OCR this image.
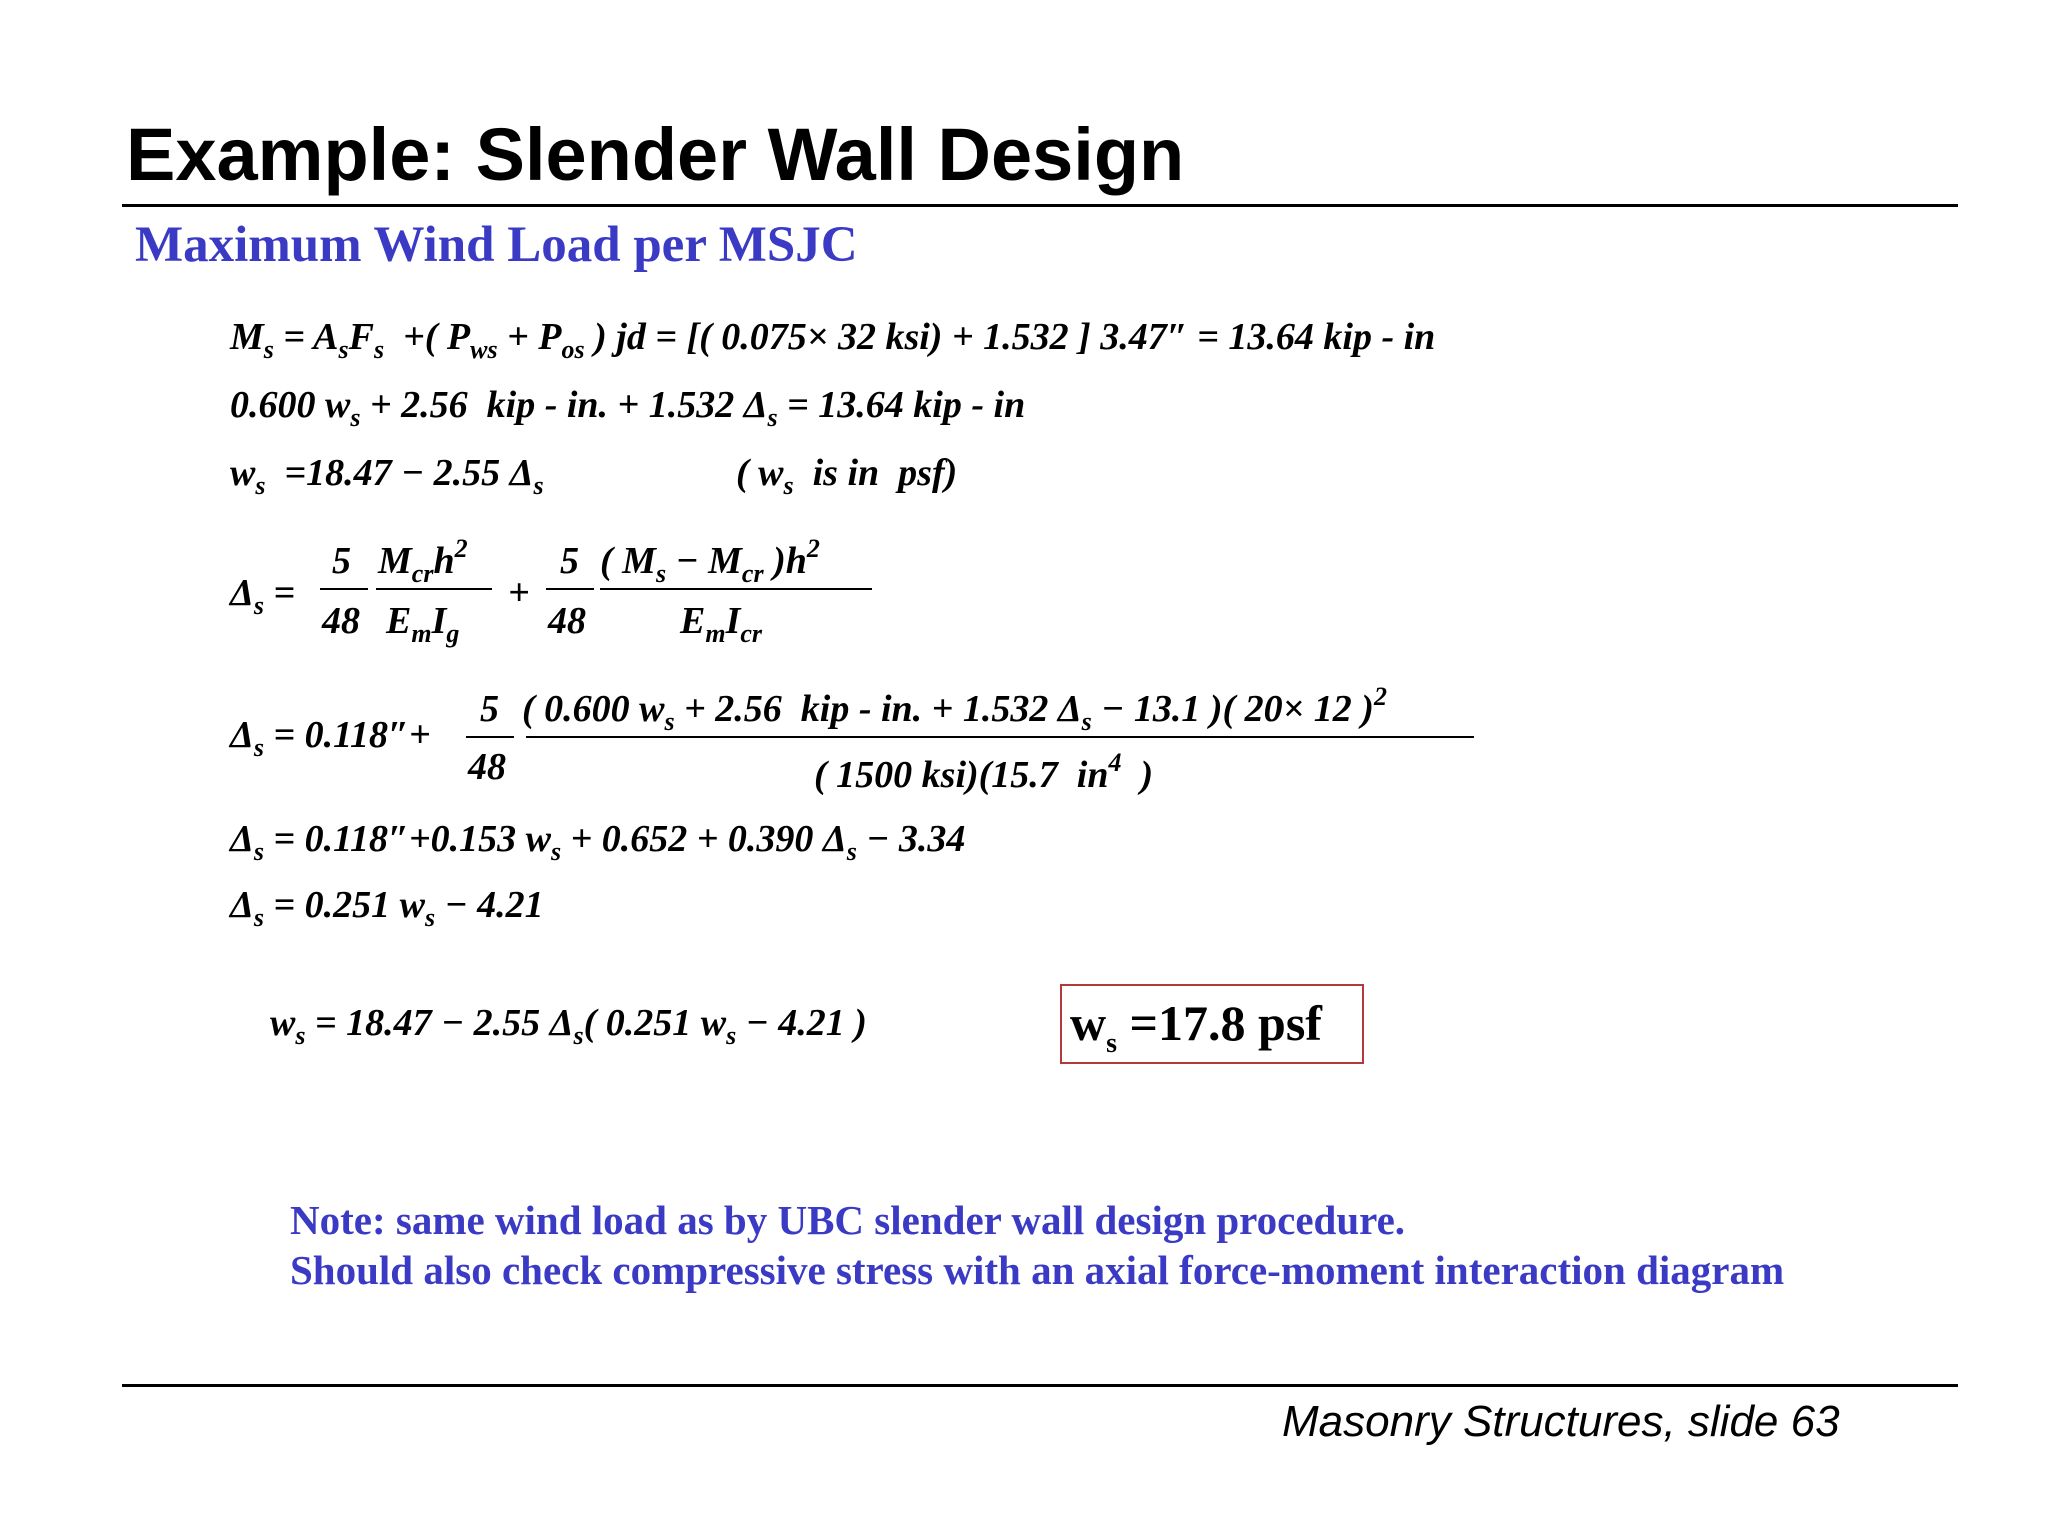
Example: Slender Wall Design
Maximum Wind Load per MSJC
$M_s = A_sF_s$  +( $P_{ws} + P_{os}$ ) jd = [( 0.075× 32 ksi) + 1.532 ] 3.47″ = 13.64 kip - in
0.600 $w_s + 2.56$  kip - in. + 1.532 $\Delta_s = 13.64$ kip - in
$w_s =18.47 - 2.55$ $\Delta_s$	( $w_s$  is in  psf)
$\Delta_s$ =
5
48
$M_{cr}h^2$
$E_mI_g$
+
5
48
( $M_s - M_{cr}$ )$h^2$
$E_mI_{cr}$
$\Delta_s = 0.118''+$
5
48
( 0.600 $w_s + 2.56$  kip - in. + 1.532 $\Delta_s - 13.1$ )( 20× 12 )$^2$
( 1500 ksi)(15.7  $in^4$  )
$\Delta_s = 0.118''+0.153$ $w_s + 0.652 + 0.390$ $\Delta_s - 3.34$
$\Delta_s = 0.251$ $w_s - 4.21$
$w_s = 18.47 - 2.55$ $\Delta_s$( 0.251 $w_s - 4.21$ )	$w_s =17.8$ psf
Note: same wind load as by UBC slender wall design procedure.
Should also check compressive stress with an axial force-moment interaction diagram
Masonry Structures, slide 63
